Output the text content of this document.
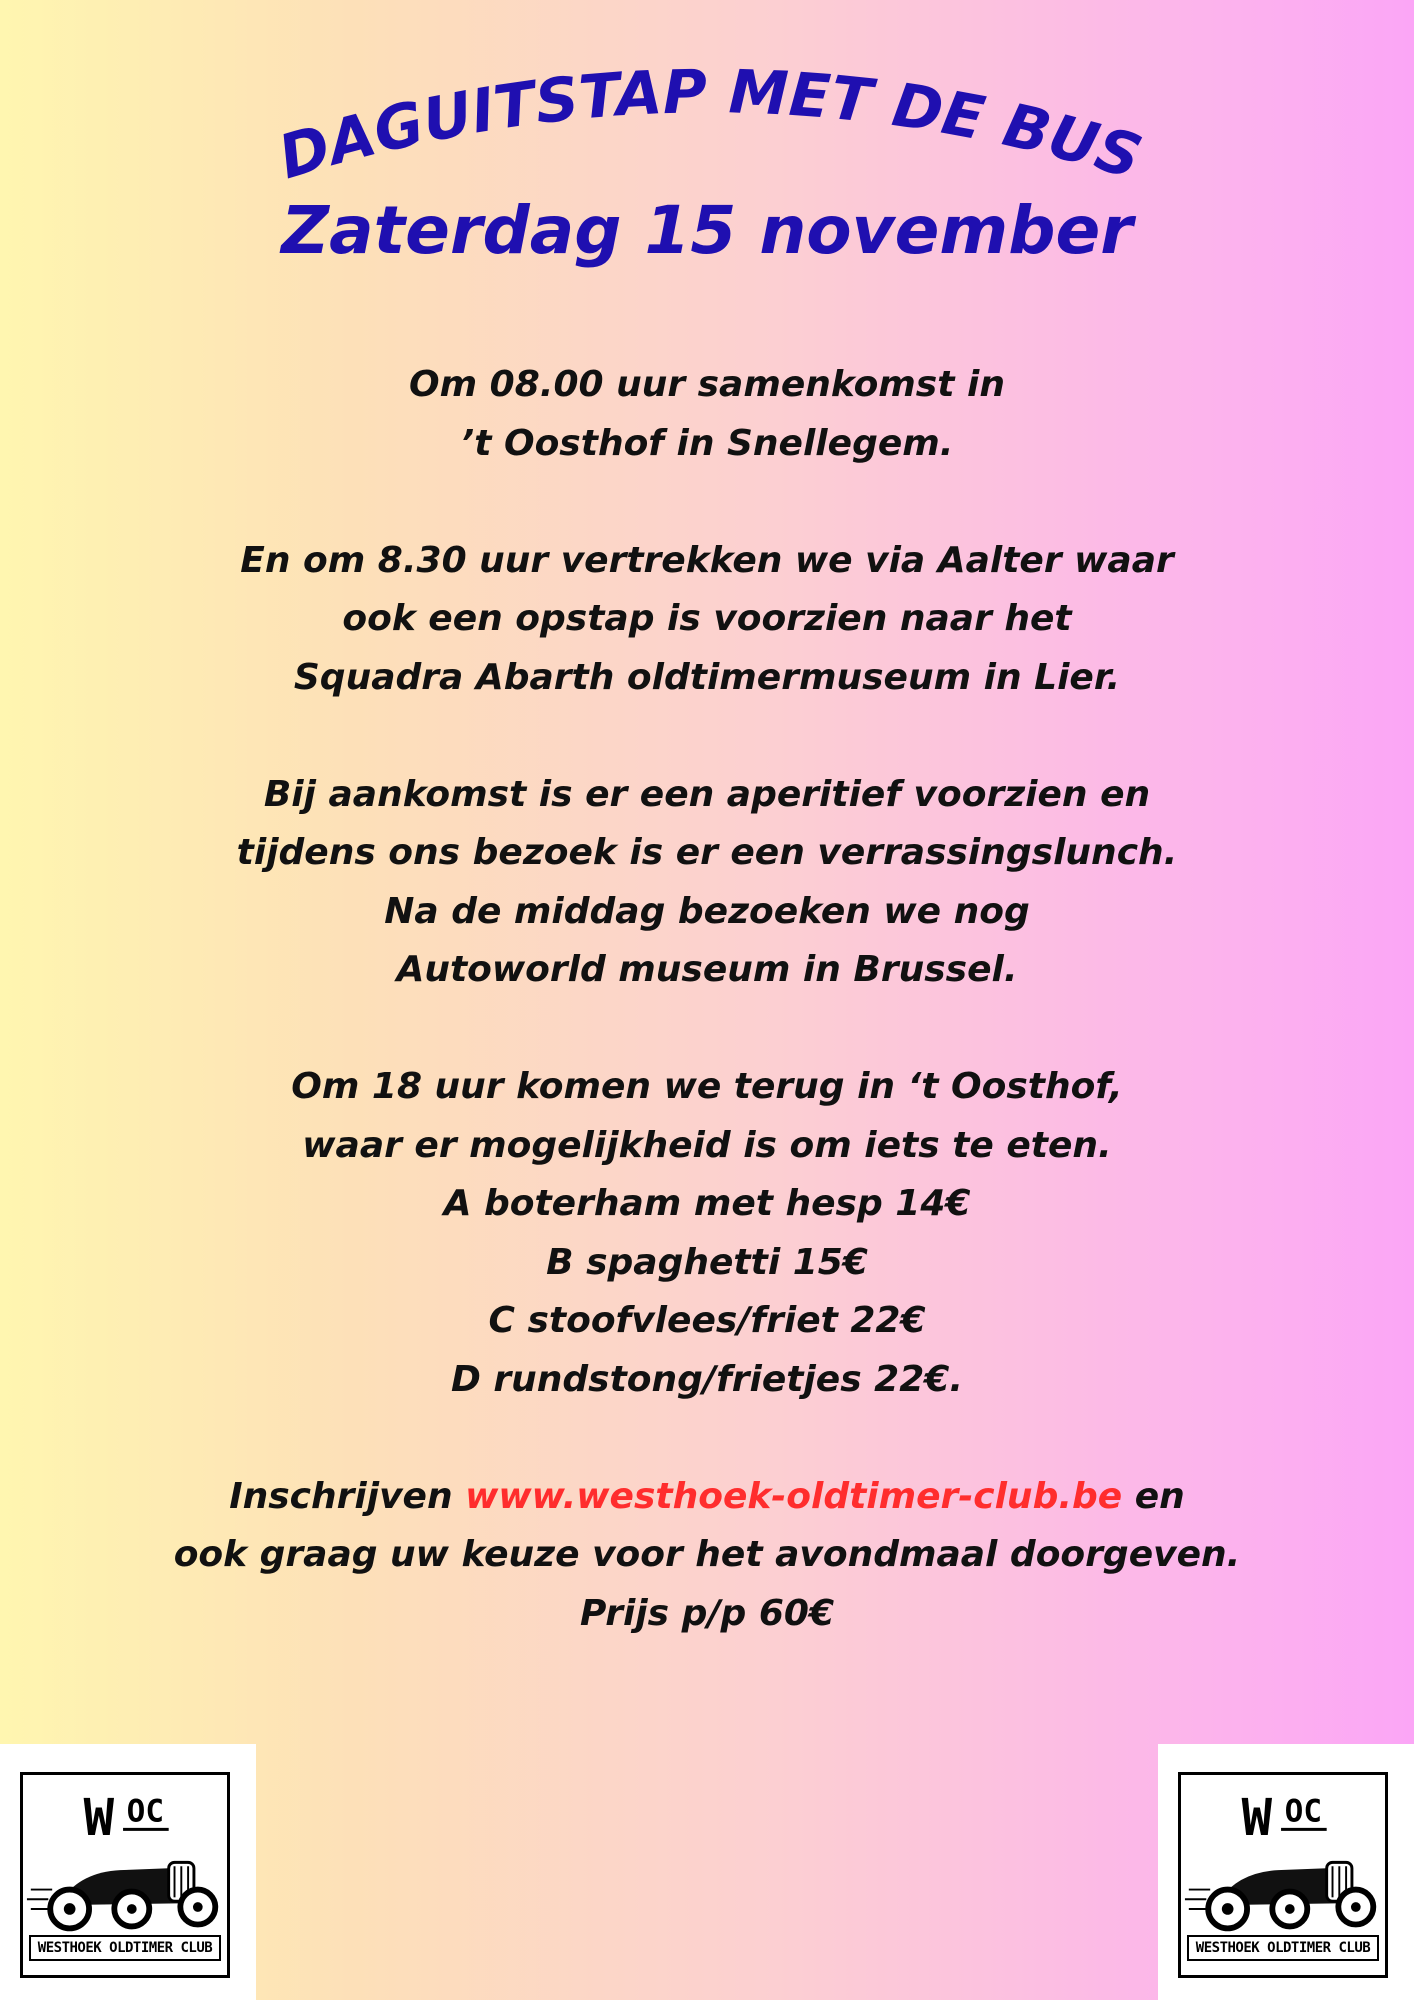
DAGUITSTAP MET DE BUS
Zaterdag 15 november

Om 08.00 uur samenkomst in
’t Oosthof in Snellegem.

En om 8.30 uur vertrekken we via Aalter waar
ook een opstap is voorzien naar het
Squadra Abarth oldtimermuseum in Lier.

Bij aankomst is er een aperitief voorzien en
tijdens ons bezoek is er een verrassingslunch.
Na de middag bezoeken we nog
Autoworld museum in Brussel.

Om 18 uur komen we terug in ‘t Oosthof,
waar er mogelijkheid is om iets te eten.
A boterham met hesp 14€
B spaghetti 15€
C stoofvlees/friet 22€
D rundstong/frietjes 22€.

Inschrijven www.westhoek-oldtimer-club.be en
ook graag uw keuze voor het avondmaal doorgeven.
Prijs p/p 60€

W OC
WESTHOEK OLDTIMER CLUB
W OC
WESTHOEK OLDTIMER CLUB
